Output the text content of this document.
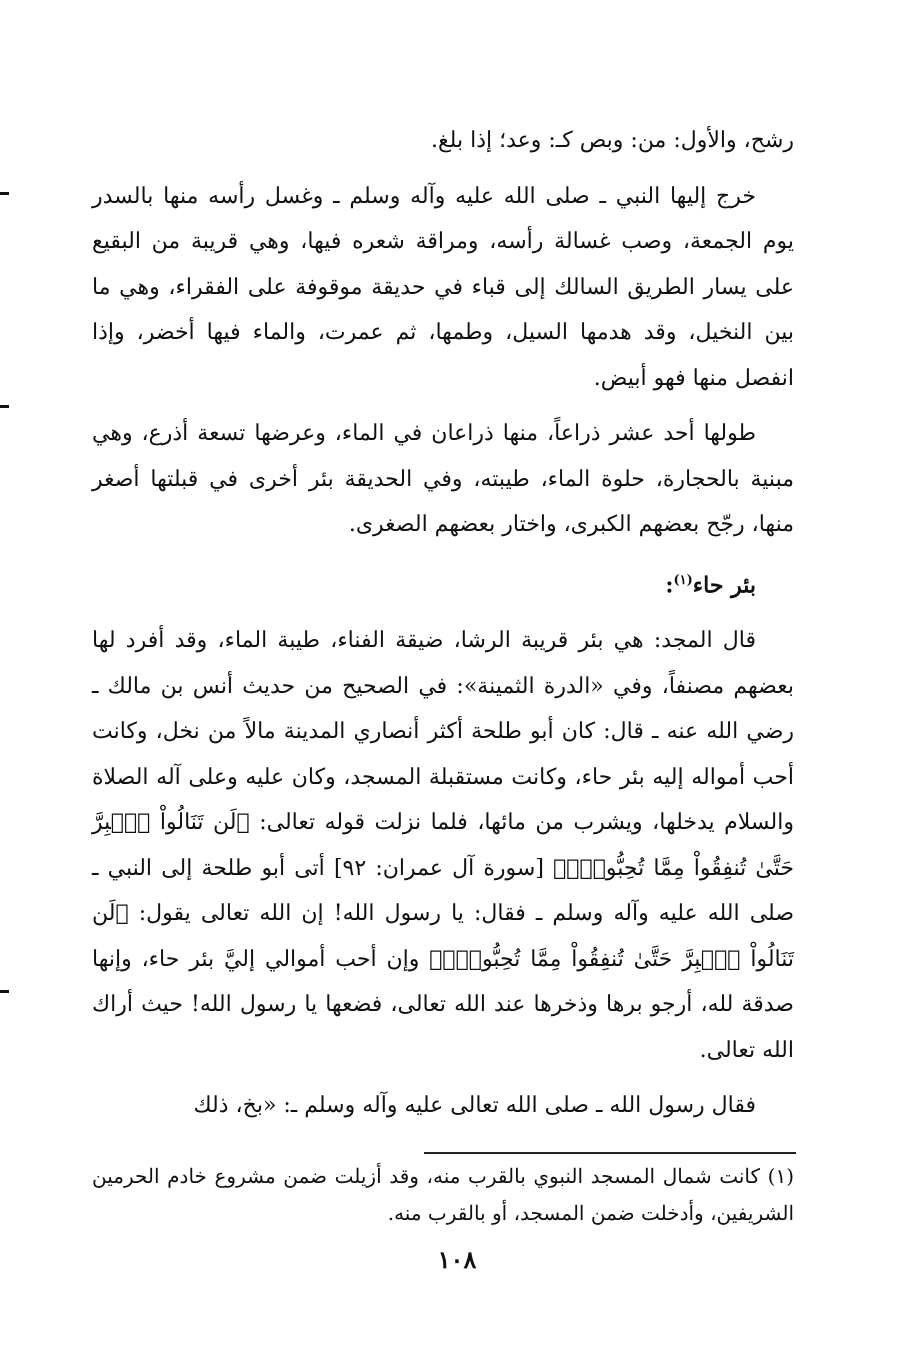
رشح، والأول: من: وبص كـ: وعد؛ إذا بلغ.

خرج إليها النبي ـ صلى الله عليه وآله وسلم ـ وغسل رأسه منها بالسدر يوم الجمعة، وصب غسالة رأسه، ومراقة شعره فيها، وهي قريبة من البقيع على يسار الطريق السالك إلى قباء في حديقة موقوفة على الفقراء، وهي ما بين النخيل، وقد هدمها السيل، وطمها، ثم عمرت، والماء فيها أخضر، وإذا انفصل منها فهو أبيض.

طولها أحد عشر ذراعاً، منها ذراعان في الماء، وعرضها تسعة أذرع، وهي مبنية بالحجارة، حلوة الماء، طيبته، وفي الحديقة بئر أخرى في قبلتها أصغر منها، رجّح بعضهم الكبرى، واختار بعضهم الصغرى.

بئر حاء$^{(١)}$:

قال المجد: هي بئر قريبة الرشا، ضيقة الفناء، طيبة الماء، وقد أفرد لها بعضهم مصنفاً، وفي «الدرة الثمينة»: في الصحيح من حديث أنس بن مالك ـ رضي الله عنه ـ قال: كان أبو طلحة أكثر أنصاري المدينة مالاً من نخل، وكانت أحب أمواله إليه بئر حاء، وكانت مستقبلة المسجد، وكان عليه وعلى آله الصلاة والسلام يدخلها، ويشرب من مائها، فلما نزلت قوله تعالى: ﴿لَن تَنَالُواْ ٱلۡبِرَّ حَتَّىٰ تُنفِقُواْ مِمَّا تُحِبُّونَۚ﴾ [سورة آل عمران: ٩٢] أتى أبو طلحة إلى النبي ـ صلى الله عليه وآله وسلم ـ فقال: يا رسول الله! إن الله تعالى يقول: ﴿لَن تَنَالُواْ ٱلۡبِرَّ حَتَّىٰ تُنفِقُواْ مِمَّا تُحِبُّونَۚ﴾ وإن أحب أموالي إليَّ بئر حاء، وإنها صدقة لله، أرجو برها وذخرها عند الله تعالى، فضعها يا رسول الله! حيث أراك الله تعالى.

فقال رسول الله ـ صلى الله تعالى عليه وآله وسلم ـ: «بخ، ذلك

(١) كانت شمال المسجد النبوي بالقرب منه، وقد أزيلت ضمن مشروع خادم الحرمين الشريفين، وأدخلت ضمن المسجد، أو بالقرب منه.
١٠٨
